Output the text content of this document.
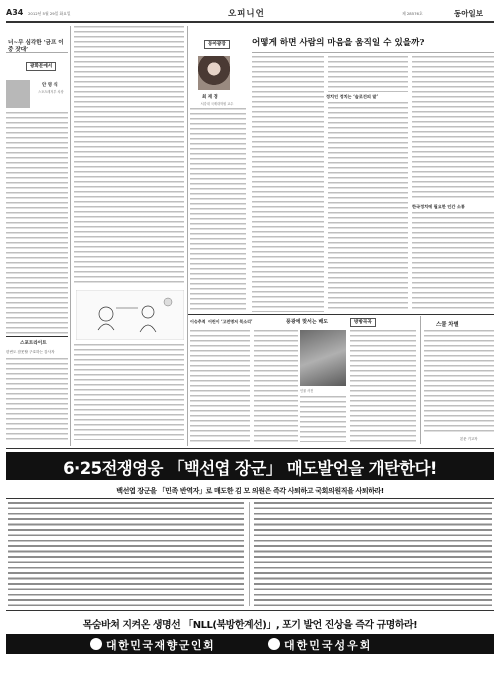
A34 2012년 5월 29일 화요일	오피니언	제 28576호	동아일보
너~무 심각한 ‘금프 이중 잣대’
광화문에서
안 영 식
스포츠레저부 차장
스포트라이트
한번도 잠못할 구호하는 감사자
동아광장
최 재 경
서강대 국제대학원 교수
어떻게 하면 사람의 마음을 움직일 수 있을까?
정치인 정치는 ‘슬로건의 말’
한국정치에 필요한 인간 소통
이슈추적 어린이 ‘고전명저 북소리’	풍광에 맞서는 배도	방방곡곡
인물 사진
스쿨 차별
본문 기고자
6·25전쟁영웅 「백선엽 장군」 매도발언을 개탄한다!
백선엽 장군을 「민족 반역자」로 매도한 김 모 의원은 즉각 사퇴하고 국회의원직을 사퇴하라!
목숨바쳐 지켜온 생명선 「NLL(북방한계선)」, 포기 발언 진상을 즉각 규명하라!
대한민국재향군인회	대한민국성우회
